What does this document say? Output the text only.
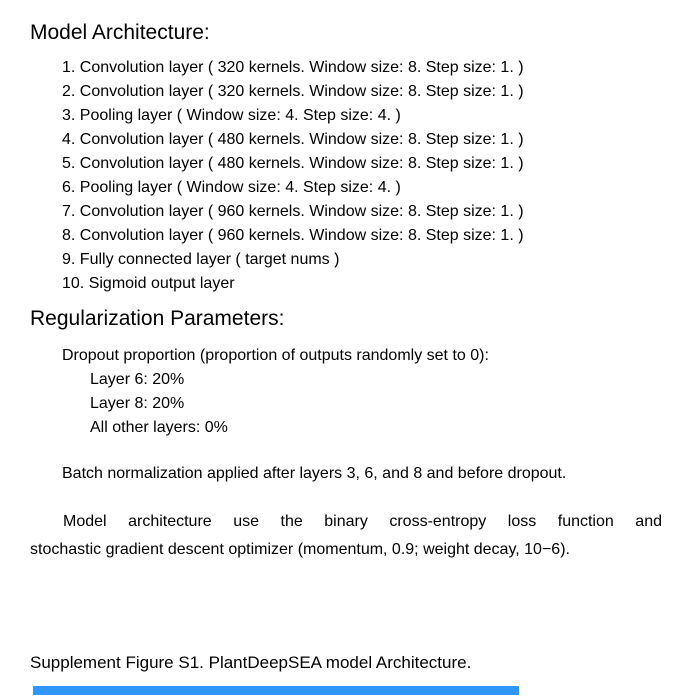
Model Architecture:
1. Convolution layer ( 320 kernels. Window size: 8. Step size: 1. )
2. Convolution layer ( 320 kernels. Window size: 8. Step size: 1. )
3. Pooling layer ( Window size: 4. Step size: 4. )
4. Convolution layer ( 480 kernels. Window size: 8. Step size: 1. )
5. Convolution layer ( 480 kernels. Window size: 8. Step size: 1. )
6. Pooling layer ( Window size: 4. Step size: 4. )
7. Convolution layer ( 960 kernels. Window size: 8. Step size: 1. )
8. Convolution layer ( 960 kernels. Window size: 8. Step size: 1. )
9. Fully connected layer ( target nums )
10. Sigmoid output layer
Regularization Parameters:
Dropout proportion (proportion of outputs randomly set to 0):
Layer 6: 20%
Layer 8: 20%
All other layers: 0%
Batch normalization applied after layers 3, 6, and 8 and before dropout.
Model architecture use the binary cross-entropy loss function and
stochastic gradient descent optimizer (momentum, 0.9; weight decay, 10−6).
Supplement Figure S1. PlantDeepSEA model Architecture.
